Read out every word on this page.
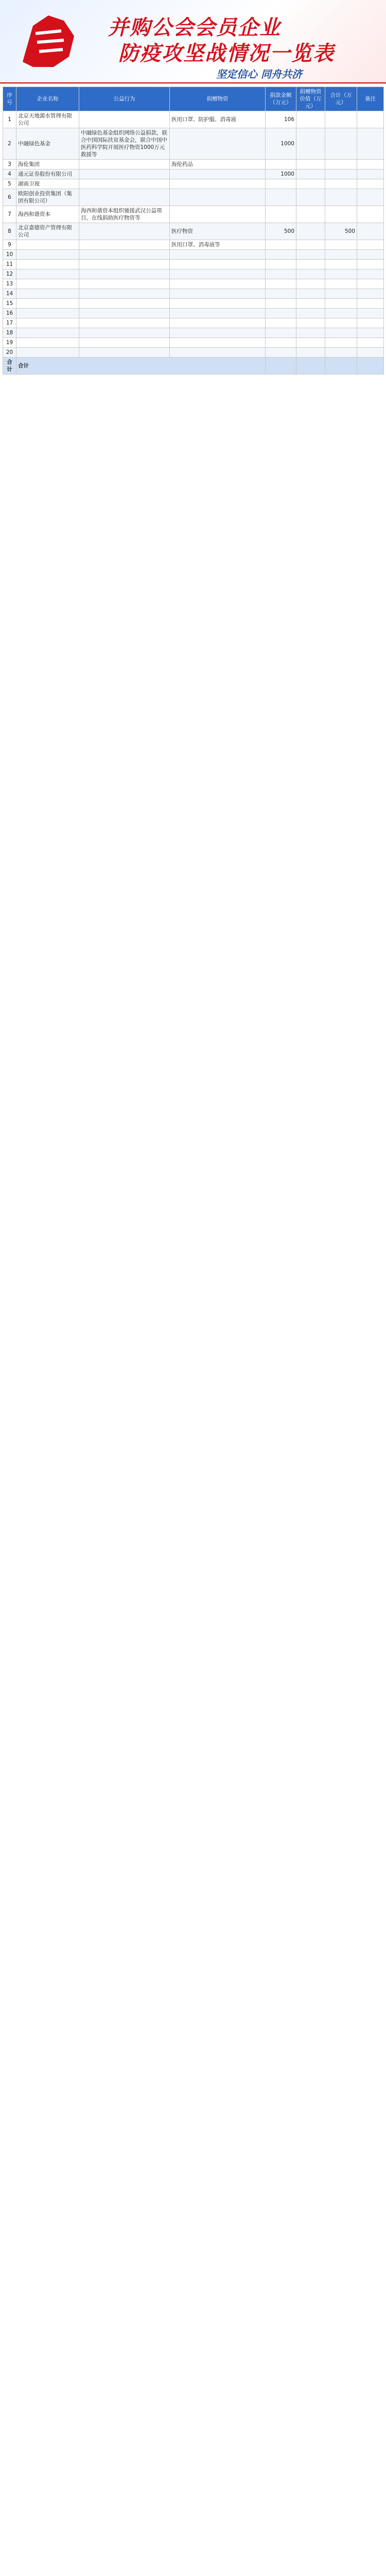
并购公会会员企业
防疫攻坚战情况一览表
坚定信心 同舟共济
序号	企业名称	公益行为	捐赠物资	捐款金额（万元）	捐赠物资价值（万元）	合计（万元）	备注
1	北京天地源水管理有限公司		医用口罩、防护服、消毒液	106			
2	中融绿色基金	中融绿色基金组织网络公益捐款，联合中国国际扶贫基金会，联合中国中医药科学院开展医疗物资1000万元救援等		1000			
3	海伦集团		海伦药品				
4	通元证券股份有限公司			1000			
5	湖南卫视						
6	欧阳创业投资集团（集团有限公司）						
7	海西和谐资本	海西和谐资本组织驰援武汉公益项目，在线捐助医疗物资等					
8	北京嘉德资产管理有限公司		医疗物资	500		500	
9			医用口罩、消毒液等				
10							
11							
12							
13							
14							
15							
16							
17							
18							
19							
20							
合计	合计						
